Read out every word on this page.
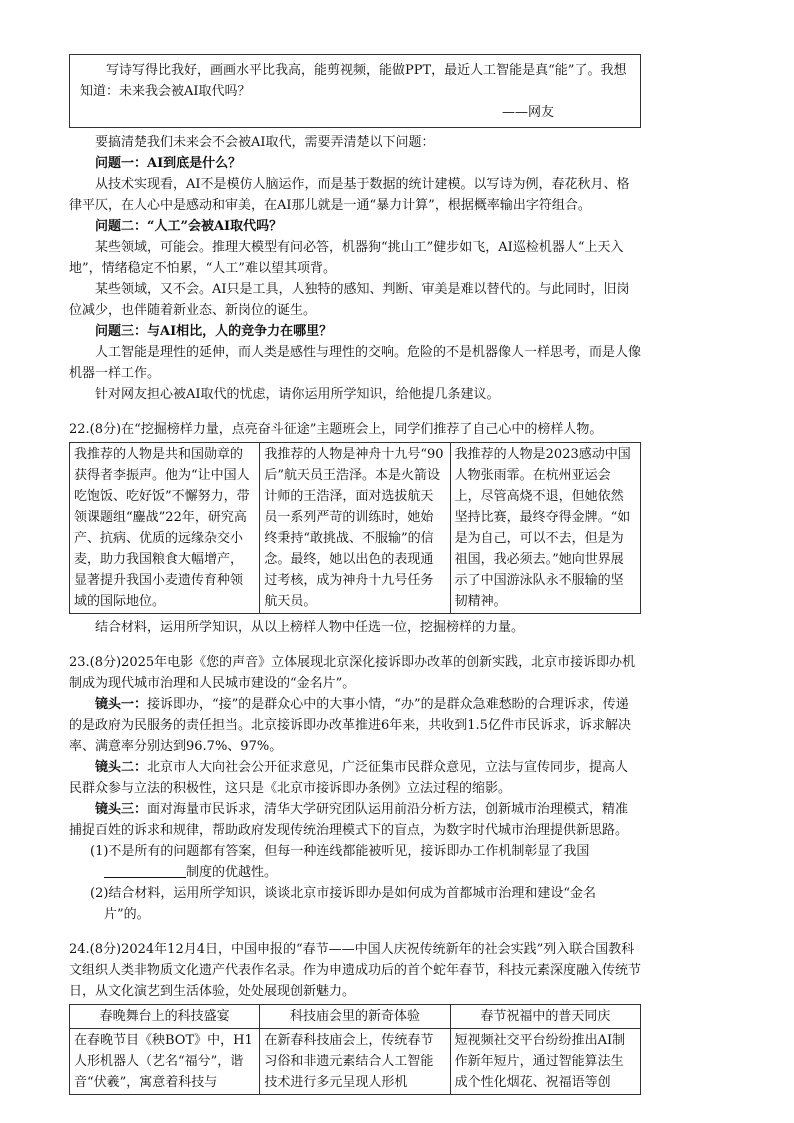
写诗写得比我好，画画水平比我高，能剪视频，能做PPT，最近人工智能是真“能”了。我想知道：未来我会被AI取代吗？

——网友

要搞清楚我们未来会不会被AI取代，需要弄清楚以下问题：

问题一：AI到底是什么？

从技术实现看，AI不是模仿人脑运作，而是基于数据的统计建模。以写诗为例，春花秋月、格律平仄，在人心中是感动和审美，在AI那儿就是一通“暴力计算”，根据概率输出字符组合。

问题二：“人工”会被AI取代吗？

某些领域，可能会。推理大模型有问必答，机器狗“挑山工”健步如飞，AI巡检机器人“上天入地”，情绪稳定不怕累，“人工”难以望其项背。

某些领域，又不会。AI只是工具，人独特的感知、判断、审美是难以替代的。与此同时，旧岗位减少，也伴随着新业态、新岗位的诞生。

问题三：与AI相比，人的竞争力在哪里？

人工智能是理性的延伸，而人类是感性与理性的交响。危险的不是机器像人一样思考，而是人像机器一样工作。

针对网友担心被AI取代的忧虑，请你运用所学知识，给他提几条建议。

22.(8分)在“挖掘榜样力量，点亮奋斗征途”主题班会上，同学们推荐了自己心中的榜样人物。

我推荐的人物是共和国勋章的获得者李振声。他为“让中国人吃饱饭、吃好饭”不懈努力，带领课题组“鏖战”22年，研究高产、抗病、优质的远缘杂交小麦，助力我国粮食大幅增产，显著提升我国小麦遗传育种领域的国际地位。	我推荐的人物是神舟十九号“90后”航天员王浩泽。本是火箭设计师的王浩泽，面对选拔航天员一系列严苛的训练时，她始终秉持“敢挑战、不服输”的信念。最终，她以出色的表现通过考核，成为神舟十九号任务航天员。	我推荐的人物是2023感动中国人物张雨霏。在杭州亚运会上，尽管高烧不退，但她依然坚持比赛，最终夺得金牌。“如是为自己，可以不去，但是为祖国，我必须去。”她向世界展示了中国游泳队永不服输的坚韧精神。

结合材料，运用所学知识，从以上榜样人物中任选一位，挖掘榜样的力量。

23.(8分)2025年电影《您的声音》立体展现北京深化接诉即办改革的创新实践，北京市接诉即办机制成为现代城市治理和人民城市建设的“金名片”。

镜头一：接诉即办，“接”的是群众心中的大事小情，“办”的是群众急难愁盼的合理诉求，传递的是政府为民服务的责任担当。北京接诉即办改革推进6年来，共收到1.5亿件市民诉求，诉求解决率、满意率分别达到96.7%、97%。

镜头二：北京市人大向社会公开征求意见，广泛征集市民群众意见，立法与宣传同步，提高人民群众参与立法的积极性，这只是《北京市接诉即办条例》立法过程的缩影。

镜头三：面对海量市民诉求，清华大学研究团队运用前沿分析方法，创新城市治理模式，精准捕捉百姓的诉求和规律，帮助政府发现传统治理模式下的盲点，为数字时代城市治理提供新思路。

(1)不是所有的问题都有答案，但每一种连线都能被听见，接诉即办工作机制彰显了我国
制度的优越性。

(2)结合材料，运用所学知识，谈谈北京市接诉即办是如何成为首都城市治理和建设“金名片”的。

24.(8分)2024年12月4日，中国申报的“春节——中国人庆祝传统新年的社会实践”列入联合国教科文组织人类非物质文化遗产代表作名录。作为申遗成功后的首个蛇年春节，科技元素深度融入传统节日，从文化演艺到生活体验，处处展现创新魅力。

春晚舞台上的科技盛宴	科技庙会里的新奇体验	春节祝福中的普天同庆
在春晚节目《秧BOT》中，H1人形机器人（艺名“福兮”，谐音“伏羲”，寓意着科技与	在新春科技庙会上，传统春节习俗和非遗元素结合人工智能技术进行多元呈现人形机	短视频社交平台纷纷推出AI制作新年短片，通过智能算法生成个性化烟花、祝福语等创
